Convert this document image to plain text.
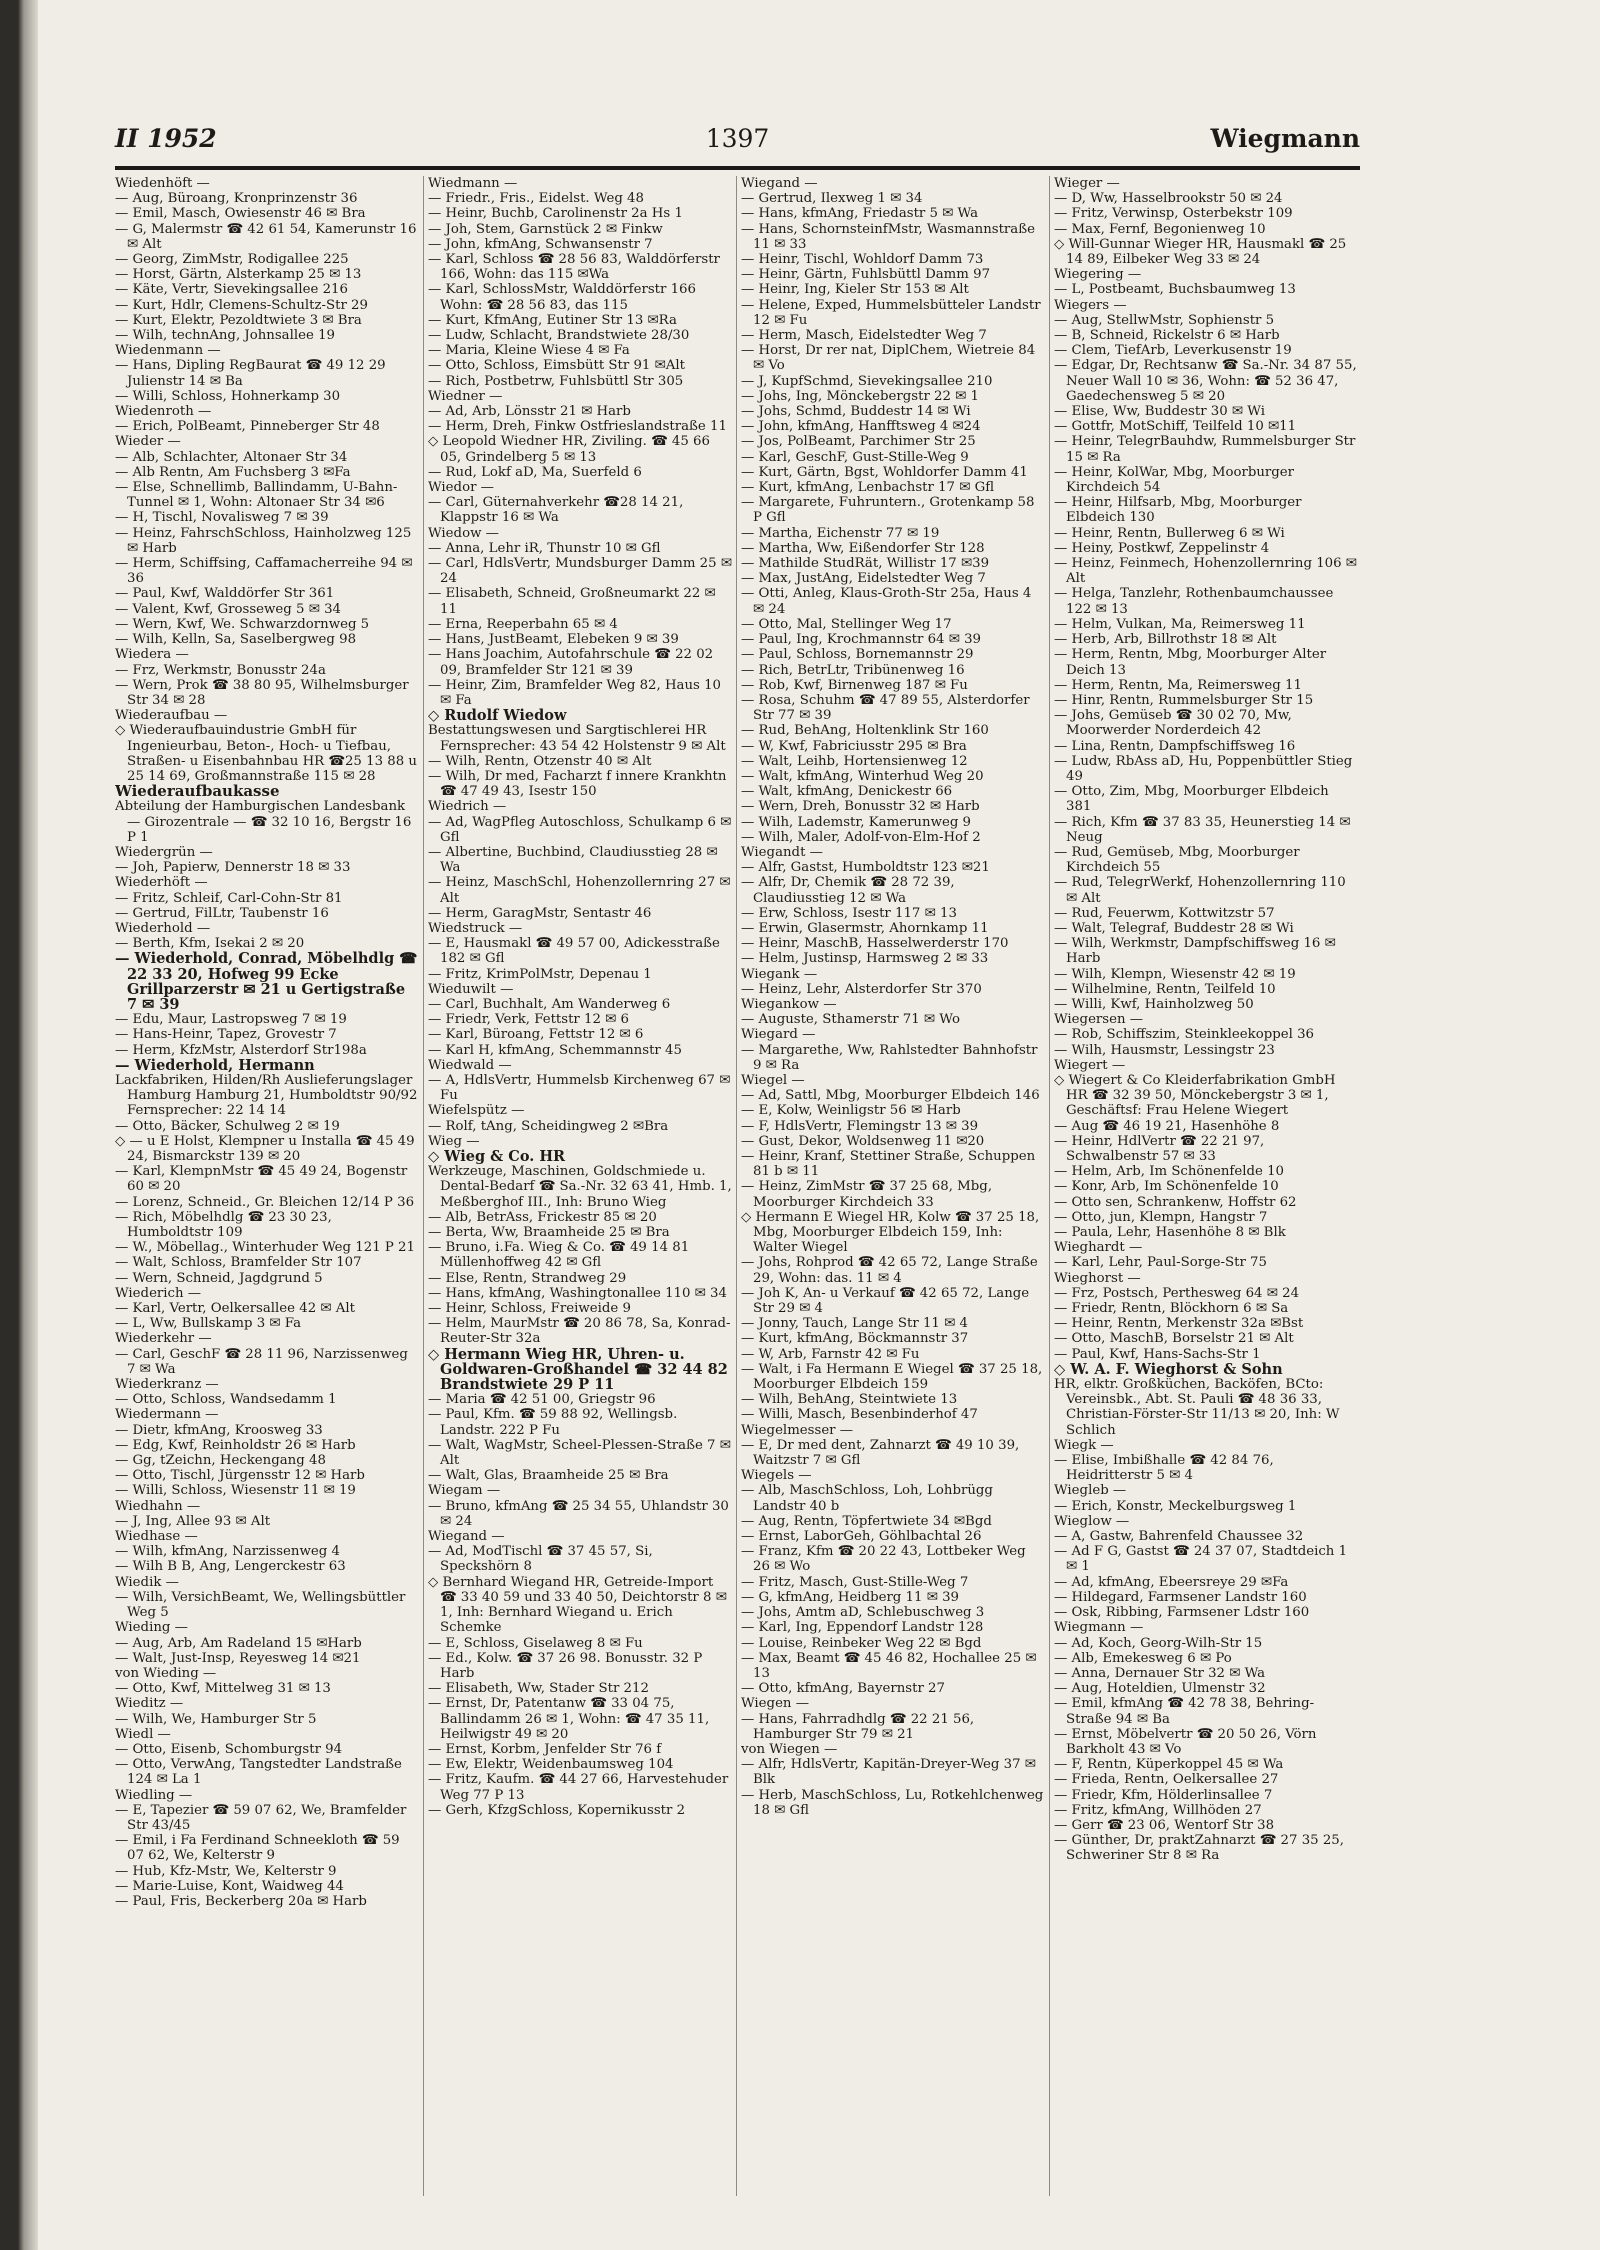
II 1952	1397	Wiegmann
Wiedenhöft —
— Aug, Büroang, Kronprinzenstr 36
— Emil, Masch, Owiesenstr 46 ✉ Bra
— G, Malermstr ☎ 42 61 54, Kamerunstr 16 ✉ Alt
— Georg, ZimMstr, Rodigallee 225
— Horst, Gärtn, Alsterkamp 25 ✉ 13
— Käte, Vertr, Sievekingsallee 216
— Kurt, Hdlr, Clemens-Schultz-Str 29
— Kurt, Elektr, Pezoldtwiete 3 ✉ Bra
— Wilh, technAng, Johnsallee 19
Wiedenmann —
— Hans, Dipling RegBaurat ☎ 49 12 29 Julienstr 14 ✉ Ba
— Willi, Schloss, Hohnerkamp 30
Wiedenroth —
— Erich, PolBeamt, Pinneberger Str 48
Wieder —
— Alb, Schlachter, Altonaer Str 34
— Alb Rentn, Am Fuchsberg 3 ✉Fa
— Else, Schnellimb, Ballindamm, U-Bahn-Tunnel ✉ 1, Wohn: Altonaer Str 34 ✉6
— H, Tischl, Novalisweg 7 ✉ 39
— Heinz, FahrschSchloss, Hainholzweg 125 ✉ Harb
— Herm, Schiffsing, Caffamacherreihe 94 ✉ 36
— Paul, Kwf, Walddörfer Str 361
— Valent, Kwf, Grosseweg 5 ✉ 34
— Wern, Kwf, We. Schwarzdornweg 5
— Wilh, Kelln, Sa, Saselbergweg 98
Wiedera —
— Frz, Werkmstr, Bonusstr 24a
— Wern, Prok ☎ 38 80 95, Wilhelmsburger Str 34 ✉ 28
Wiederaufbau —
◇ Wiederaufbauindustrie GmbH für Ingenieurbau, Beton-, Hoch- u Tiefbau, Straßen- u Eisenbahnbau HR ☎25 13 88 u 25 14 69, Großmannstraße 115 ✉ 28
Wiederaufbaukasse
Abteilung der Hamburgischen Landesbank — Girozentrale — ☎ 32 10 16, Bergstr 16 P 1
Wiedergrün —
— Joh, Papierw, Dennerstr 18 ✉ 33
Wiederhöft —
— Fritz, Schleif, Carl-Cohn-Str 81
— Gertrud, FilLtr, Taubenstr 16
Wiederhold —
— Berth, Kfm, Isekai 2 ✉ 20
— Wiederhold, Conrad, Möbelhdlg ☎ 22 33 20, Hofweg 99 Ecke Grillparzerstr ✉ 21 u Gertigstraße 7 ✉ 39
— Edu, Maur, Lastropsweg 7 ✉ 19
— Hans-Heinr, Tapez, Grovestr 7
— Herm, KfzMstr, Alsterdorf Str198a
— Wiederhold, Hermann
Lackfabriken, Hilden/Rh Auslieferungslager Hamburg Hamburg 21, Humboldtstr 90/92 Fernsprecher: 22 14 14
— Otto, Bäcker, Schulweg 2 ✉ 19
◇ — u E Holst, Klempner u Installa ☎ 45 49 24, Bismarckstr 139 ✉ 20
— Karl, KlempnMstr ☎ 45 49 24, Bogenstr 60 ✉ 20
— Lorenz, Schneid., Gr. Bleichen 12/14 P 36
— Rich, Möbelhdlg ☎ 23 30 23, Humboldtstr 109
— W., Möbellag., Winterhuder Weg 121 P 21
— Walt, Schloss, Bramfelder Str 107
— Wern, Schneid, Jagdgrund 5
Wiederich —
— Karl, Vertr, Oelkersallee 42 ✉ Alt
— L, Ww, Bullskamp 3 ✉ Fa
Wiederkehr —
— Carl, GeschF ☎ 28 11 96, Narzissenweg 7 ✉ Wa
Wiederkranz —
— Otto, Schloss, Wandsedamm 1
Wiedermann —
— Dietr, kfmAng, Kroosweg 33
— Edg, Kwf, Reinholdstr 26 ✉ Harb
— Gg, tZeichn, Heckengang 48
— Otto, Tischl, Jürgensstr 12 ✉ Harb
— Willi, Schloss, Wiesenstr 11 ✉ 19
Wiedhahn —
— J, Ing, Allee 93 ✉ Alt
Wiedhase —
— Wilh, kfmAng, Narzissenweg 4
— Wilh B B, Ang, Lengerckestr 63
Wiedik —
— Wilh, VersichBeamt, We, Wellingsbüttler Weg 5
Wieding —
— Aug, Arb, Am Radeland 15 ✉Harb
— Walt, Just-Insp, Reyesweg 14 ✉21
von Wieding —
— Otto, Kwf, Mittelweg 31 ✉ 13
Wieditz —
— Wilh, We, Hamburger Str 5
Wiedl —
— Otto, Eisenb, Schomburgstr 94
— Otto, VerwAng, Tangstedter Landstraße 124 ✉ La 1
Wiedling —
— E, Tapezier ☎ 59 07 62, We, Bramfelder Str 43/45
— Emil, i Fa Ferdinand Schneekloth ☎ 59 07 62, We, Kelterstr 9
— Hub, Kfz-Mstr, We, Kelterstr 9
— Marie-Luise, Kont, Waidweg 44
— Paul, Fris, Beckerberg 20a ✉ Harb
Wiedmann —
— Friedr., Fris., Eidelst. Weg 48
— Heinr, Buchb, Carolinenstr 2a Hs 1
— Joh, Stem, Garnstück 2 ✉ Finkw
— John, kfmAng, Schwansenstr 7
— Karl, Schloss ☎ 28 56 83, Walddörferstr 166, Wohn: das 115 ✉Wa
— Karl, SchlossMstr, Walddörferstr 166 Wohn: ☎ 28 56 83, das 115
— Kurt, KfmAng, Eutiner Str 13 ✉Ra
— Ludw, Schlacht, Brandstwiete 28/30
— Maria, Kleine Wiese 4 ✉ Fa
— Otto, Schloss, Eimsbütt Str 91 ✉Alt
— Rich, Postbetrw, Fuhlsbüttl Str 305
Wiedner —
— Ad, Arb, Lönsstr 21 ✉ Harb
— Herm, Dreh, Finkw Ostfrieslandstraße 11
◇ Leopold Wiedner HR, Ziviling. ☎ 45 66 05, Grindelberg 5 ✉ 13
— Rud, Lokf aD, Ma, Suerfeld 6
Wiedor —
— Carl, Güternahverkehr ☎28 14 21, Klappstr 16 ✉ Wa
Wiedow —
— Anna, Lehr iR, Thunstr 10 ✉ Gfl
— Carl, HdlsVertr, Mundsburger Damm 25 ✉ 24
— Elisabeth, Schneid, Großneumarkt 22 ✉ 11
— Erna, Reeperbahn 65 ✉ 4
— Hans, JustBeamt, Elebeken 9 ✉ 39
— Hans Joachim, Autofahrschule ☎ 22 02 09, Bramfelder Str 121 ✉ 39
— Heinr, Zim, Bramfelder Weg 82, Haus 10 ✉ Fa
◇ Rudolf Wiedow
Bestattungswesen und Sargtischlerei HR Fernsprecher: 43 54 42 Holstenstr 9 ✉ Alt
— Wilh, Rentn, Otzenstr 40 ✉ Alt
— Wilh, Dr med, Facharzt f innere Krankhtn ☎ 47 49 43, Isestr 150
Wiedrich —
— Ad, WagPfleg Autoschloss, Schulkamp 6 ✉ Gfl
— Albertine, Buchbind, Claudiusstieg 28 ✉ Wa
— Heinz, MaschSchl, Hohenzollernring 27 ✉ Alt
— Herm, GaragMstr, Sentastr 46
Wiedstruck —
— E, Hausmakl ☎ 49 57 00, Adickesstraße 182 ✉ Gfl
— Fritz, KrimPolMstr, Depenau 1
Wieduwilt —
— Carl, Buchhalt, Am Wanderweg 6
— Friedr, Verk, Fettstr 12 ✉ 6
— Karl, Büroang, Fettstr 12 ✉ 6
— Karl H, kfmAng, Schemmannstr 45
Wiedwald —
— A, HdlsVertr, Hummelsb Kirchenweg 67 ✉ Fu
Wiefelspütz —
— Rolf, tAng, Scheidingweg 2 ✉Bra
Wieg —
◇ Wieg & Co. HR
Werkzeuge, Maschinen, Goldschmiede u. Dental-Bedarf ☎ Sa.-Nr. 32 63 41, Hmb. 1, Meßberghof III., Inh: Bruno Wieg
— Alb, BetrAss, Frickestr 85 ✉ 20
— Berta, Ww, Braamheide 25 ✉ Bra
— Bruno, i.Fa. Wieg & Co. ☎ 49 14 81 Müllenhoffweg 42 ✉ Gfl
— Else, Rentn, Strandweg 29
— Hans, kfmAng, Washingtonallee 110 ✉ 34
— Heinr, Schloss, Freiweide 9
— Helm, MaurMstr ☎ 20 86 78, Sa, Konrad-Reuter-Str 32a
◇ Hermann Wieg HR, Uhren- u. Goldwaren-Großhandel ☎ 32 44 82 Brandstwiete 29 P 11
— Maria ☎ 42 51 00, Griegstr 96
— Paul, Kfm. ☎ 59 88 92, Wellingsb. Landstr. 222 P Fu
— Walt, WagMstr, Scheel-Plessen-Straße 7 ✉ Alt
— Walt, Glas, Braamheide 25 ✉ Bra
Wiegam —
— Bruno, kfmAng ☎ 25 34 55, Uhlandstr 30 ✉ 24
Wiegand —
— Ad, ModTischl ☎ 37 45 57, Si, Speckshörn 8
◇ Bernhard Wiegand HR, Getreide-Import ☎ 33 40 59 und 33 40 50, Deichtorstr 8 ✉ 1, Inh: Bernhard Wiegand u. Erich Schemke
— E, Schloss, Giselaweg 8 ✉ Fu
— Ed., Kolw. ☎ 37 26 98. Bonusstr. 32 P Harb
— Elisabeth, Ww, Stader Str 212
— Ernst, Dr, Patentanw ☎ 33 04 75, Ballindamm 26 ✉ 1, Wohn: ☎ 47 35 11, Heilwigstr 49 ✉ 20
— Ernst, Korbm, Jenfelder Str 76 f
— Ew, Elektr, Weidenbaumsweg 104
— Fritz, Kaufm. ☎ 44 27 66, Harvestehuder Weg 77 P 13
— Gerh, KfzgSchloss, Kopernikusstr 2
Wiegand —
— Gertrud, Ilexweg 1 ✉ 34
— Hans, kfmAng, Friedastr 5 ✉ Wa
— Hans, SchornsteinfMstr, Wasmannstraße 11 ✉ 33
— Heinr, Tischl, Wohldorf Damm 73
— Heinr, Gärtn, Fuhlsbüttl Damm 97
— Heinr, Ing, Kieler Str 153 ✉ Alt
— Helene, Exped, Hummelsbütteler Landstr 12 ✉ Fu
— Herm, Masch, Eidelstedter Weg 7
— Horst, Dr rer nat, DiplChem, Wietreie 84 ✉ Vo
— J, KupfSchmd, Sievekingsallee 210
— Johs, Ing, Mönckebergstr 22 ✉ 1
— Johs, Schmd, Buddestr 14 ✉ Wi
— John, kfmAng, Hanfftsweg 4 ✉24
— Jos, PolBeamt, Parchimer Str 25
— Karl, GeschF, Gust-Stille-Weg 9
— Kurt, Gärtn, Bgst, Wohldorfer Damm 41
— Kurt, kfmAng, Lenbachstr 17 ✉ Gfl
— Margarete, Fuhruntern., Grotenkamp 58 P Gfl
— Martha, Eichenstr 77 ✉ 19
— Martha, Ww, Eißendorfer Str 128
— Mathilde StudRät, Willistr 17 ✉39
— Max, JustAng, Eidelstedter Weg 7
— Otti, Anleg, Klaus-Groth-Str 25a, Haus 4 ✉ 24
— Otto, Mal, Stellinger Weg 17
— Paul, Ing, Krochmannstr 64 ✉ 39
— Paul, Schloss, Bornemannstr 29
— Rich, BetrLtr, Tribünenweg 16
— Rob, Kwf, Birnenweg 187 ✉ Fu
— Rosa, Schuhm ☎ 47 89 55, Alsterdorfer Str 77 ✉ 39
— Rud, BehAng, Holtenklink Str 160
— W, Kwf, Fabriciusstr 295 ✉ Bra
— Walt, Leihb, Hortensienweg 12
— Walt, kfmAng, Winterhud Weg 20
— Walt, kfmAng, Denickestr 66
— Wern, Dreh, Bonusstr 32 ✉ Harb
— Wilh, Lademstr, Kamerunweg 9
— Wilh, Maler, Adolf-von-Elm-Hof 2
Wiegandt —
— Alfr, Gastst, Humboldtstr 123 ✉21
— Alfr, Dr, Chemik ☎ 28 72 39, Claudiusstieg 12 ✉ Wa
— Erw, Schloss, Isestr 117 ✉ 13
— Erwin, Glasermstr, Ahornkamp 11
— Heinr, MaschB, Hasselwerderstr 170
— Helm, Justinsp, Harmsweg 2 ✉ 33
Wiegank —
— Heinz, Lehr, Alsterdorfer Str 370
Wiegankow —
— Auguste, Sthamerstr 71 ✉ Wo
Wiegard —
— Margarethe, Ww, Rahlstedter Bahnhofstr 9 ✉ Ra
Wiegel —
— Ad, Sattl, Mbg, Moorburger Elbdeich 146
— E, Kolw, Weinligstr 56 ✉ Harb
— F, HdlsVertr, Flemingstr 13 ✉ 39
— Gust, Dekor, Woldsenweg 11 ✉20
— Heinr, Kranf, Stettiner Straße, Schuppen 81 b ✉ 11
— Heinz, ZimMstr ☎ 37 25 68, Mbg, Moorburger Kirchdeich 33
◇ Hermann E Wiegel HR, Kolw ☎ 37 25 18, Mbg, Moorburger Elbdeich 159, Inh: Walter Wiegel
— Johs, Rohprod ☎ 42 65 72, Lange Straße 29, Wohn: das. 11 ✉ 4
— Joh K, An- u Verkauf ☎ 42 65 72, Lange Str 29 ✉ 4
— Jonny, Tauch, Lange Str 11 ✉ 4
— Kurt, kfmAng, Böckmannstr 37
— W, Arb, Farnstr 42 ✉ Fu
— Walt, i Fa Hermann E Wiegel ☎ 37 25 18, Moorburger Elbdeich 159
— Wilh, BehAng, Steintwiete 13
— Willi, Masch, Besenbinderhof 47
Wiegelmesser —
— E, Dr med dent, Zahnarzt ☎ 49 10 39, Waitzstr 7 ✉ Gfl
Wiegels —
— Alb, MaschSchloss, Loh, Lohbrügg Landstr 40 b
— Aug, Rentn, Töpfertwiete 34 ✉Bgd
— Ernst, LaborGeh, Göhlbachtal 26
— Franz, Kfm ☎ 20 22 43, Lottbeker Weg 26 ✉ Wo
— Fritz, Masch, Gust-Stille-Weg 7
— G, kfmAng, Heidberg 11 ✉ 39
— Johs, Amtm aD, Schlebuschweg 3
— Karl, Ing, Eppendorf Landstr 128
— Louise, Reinbeker Weg 22 ✉ Bgd
— Max, Beamt ☎ 45 46 82, Hochallee 25 ✉ 13
— Otto, kfmAng, Bayernstr 27
Wiegen —
— Hans, Fahrradhdlg ☎ 22 21 56, Hamburger Str 79 ✉ 21
von Wiegen —
— Alfr, HdlsVertr, Kapitän-Dreyer-Weg 37 ✉ Blk
— Herb, MaschSchloss, Lu, Rotkehlchenweg 18 ✉ Gfl
Wieger —
— D, Ww, Hasselbrookstr 50 ✉ 24
— Fritz, Verwinsp, Osterbekstr 109
— Max, Fernf, Begonienweg 10
◇ Will-Gunnar Wieger HR, Hausmakl ☎ 25 14 89, Eilbeker Weg 33 ✉ 24
Wiegering —
— L, Postbeamt, Buchsbaumweg 13
Wiegers —
— Aug, StellwMstr, Sophienstr 5
— B, Schneid, Rickelstr 6 ✉ Harb
— Clem, TiefArb, Leverkusenstr 19
— Edgar, Dr, Rechtsanw ☎ Sa.-Nr. 34 87 55, Neuer Wall 10 ✉ 36, Wohn: ☎ 52 36 47, Gaedechensweg 5 ✉ 20
— Elise, Ww, Buddestr 30 ✉ Wi
— Gottfr, MotSchiff, Teilfeld 10 ✉11
— Heinr, TelegrBauhdw, Rummelsburger Str 15 ✉ Ra
— Heinr, KolWar, Mbg, Moorburger Kirchdeich 54
— Heinr, Hilfsarb, Mbg, Moorburger Elbdeich 130
— Heinr, Rentn, Bullerweg 6 ✉ Wi
— Heiny, Postkwf, Zeppelinstr 4
— Heinz, Feinmech, Hohenzollernring 106 ✉ Alt
— Helga, Tanzlehr, Rothenbaumchaussee 122 ✉ 13
— Helm, Vulkan, Ma, Reimersweg 11
— Herb, Arb, Billrothstr 18 ✉ Alt
— Herm, Rentn, Mbg, Moorburger Alter Deich 13
— Herm, Rentn, Ma, Reimersweg 11
— Hinr, Rentn, Rummelsburger Str 15
— Johs, Gemüseb ☎ 30 02 70, Mw, Moorwerder Norderdeich 42
— Lina, Rentn, Dampfschiffsweg 16
— Ludw, RbAss aD, Hu, Poppenbüttler Stieg 49
— Otto, Zim, Mbg, Moorburger Elbdeich 381
— Rich, Kfm ☎ 37 83 35, Heunerstieg 14 ✉ Neug
— Rud, Gemüseb, Mbg, Moorburger Kirchdeich 55
— Rud, TelegrWerkf, Hohenzollernring 110 ✉ Alt
— Rud, Feuerwm, Kottwitzstr 57
— Walt, Telegraf, Buddestr 28 ✉ Wi
— Wilh, Werkmstr, Dampfschiffsweg 16 ✉ Harb
— Wilh, Klempn, Wiesenstr 42 ✉ 19
— Wilhelmine, Rentn, Teilfeld 10
— Willi, Kwf, Hainholzweg 50
Wiegersen —
— Rob, Schiffszim, Steinkleekoppel 36
— Wilh, Hausmstr, Lessingstr 23
Wiegert —
◇ Wiegert & Co Kleiderfabrikation GmbH HR ☎ 32 39 50, Mönckebergstr 3 ✉ 1, Geschäftsf: Frau Helene Wiegert
— Aug ☎ 46 19 21, Hasenhöhe 8
— Heinr, HdlVertr ☎ 22 21 97, Schwalbenstr 57 ✉ 33
— Helm, Arb, Im Schönenfelde 10
— Konr, Arb, Im Schönenfelde 10
— Otto sen, Schrankenw, Hoffstr 62
— Otto, jun, Klempn, Hangstr 7
— Paula, Lehr, Hasenhöhe 8 ✉ Blk
Wieghardt —
— Karl, Lehr, Paul-Sorge-Str 75
Wieghorst —
— Frz, Postsch, Perthesweg 64 ✉ 24
— Friedr, Rentn, Blöckhorn 6 ✉ Sa
— Heinr, Rentn, Merkenstr 32a ✉Bst
— Otto, MaschB, Borselstr 21 ✉ Alt
— Paul, Kwf, Hans-Sachs-Str 1
◇ W. A. F. Wieghorst & Sohn
HR, elktr. Großküchen, Backöfen, BCto: Vereinsbk., Abt. St. Pauli ☎ 48 36 33, Christian-Förster-Str 11/13 ✉ 20, Inh: W Schlich
Wiegk —
— Elise, Imbißhalle ☎ 42 84 76, Heidritterstr 5 ✉ 4
Wiegleb —
— Erich, Konstr, Meckelburgsweg 1
Wieglow —
— A, Gastw, Bahrenfeld Chaussee 32
— Ad F G, Gastst ☎ 24 37 07, Stadtdeich 1 ✉ 1
— Ad, kfmAng, Ebeersreye 29 ✉Fa
— Hildegard, Farmsener Landstr 160
— Osk, Ribbing, Farmsener Ldstr 160
Wiegmann —
— Ad, Koch, Georg-Wilh-Str 15
— Alb, Emekesweg 6 ✉ Po
— Anna, Dernauer Str 32 ✉ Wa
— Aug, Hoteldien, Ulmenstr 32
— Emil, kfmAng ☎ 42 78 38, Behring-Straße 94 ✉ Ba
— Ernst, Möbelvertr ☎ 20 50 26, Vörn Barkholt 43 ✉ Vo
— F, Rentn, Küperkoppel 45 ✉ Wa
— Frieda, Rentn, Oelkersallee 27
— Friedr, Kfm, Hölderlinsallee 7
— Fritz, kfmAng, Willhöden 27
— Gerr ☎ 23 06, Wentorf Str 38
— Günther, Dr, praktZahnarzt ☎ 27 35 25, Schweriner Str 8 ✉ Ra
